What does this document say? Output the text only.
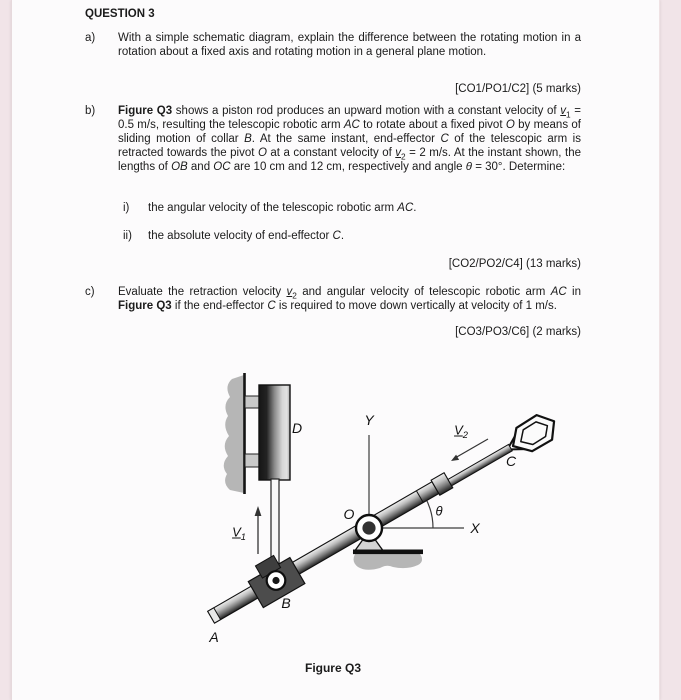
QUESTION 3
a) With a simple schematic diagram, explain the difference between the rotating motion in a rotation about a fixed axis and rotating motion in a general plane motion.
[CO1/PO1/C2] (5 marks)
b) Figure Q3 shows a piston rod produces an upward motion with a constant velocity of $v_1 = 0.5$ m/s, resulting the telescopic robotic arm AC to rotate about a fixed pivot O by means of sliding motion of collar B. At the same instant, end-effector C of the telescopic arm is retracted towards the pivot O at a constant velocity of $v_2 = 2$ m/s. At the instant shown, the lengths of OB and OC are 10 cm and 12 cm, respectively and angle θ = 30°. Determine:
i) the angular velocity of the telescopic robotic arm AC.
ii) the absolute velocity of end-effector C.
[CO2/PO2/C4] (13 marks)
c) Evaluate the retraction velocity $v_2$ and angular velocity of telescopic robotic arm AC in Figure Q3 if the end-effector C is required to move down vertically at velocity of 1 m/s.
[CO3/PO3/C6] (2 marks)
D	Y
O
X
θ
C
B
A
$V_1$
$V_2$
Figure Q3
